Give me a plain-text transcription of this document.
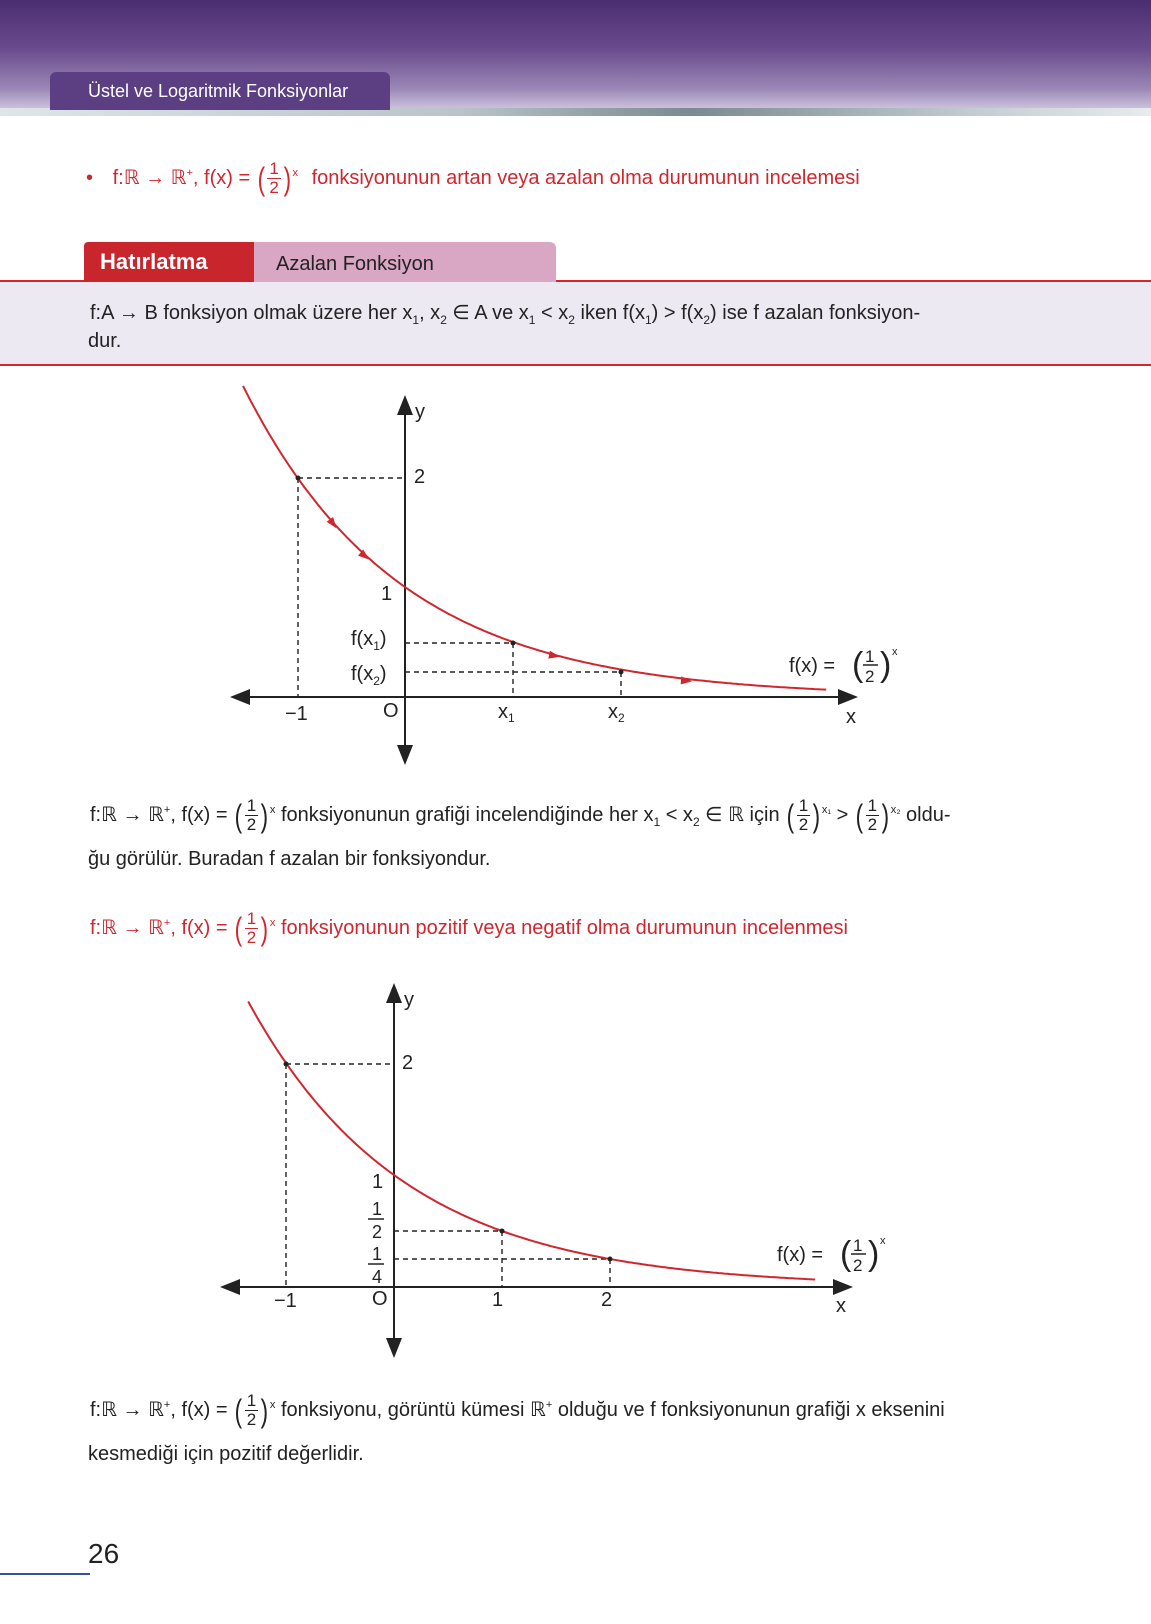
Üstel ve Logaritmik Fonksiyonlar
• f:ℝ → ℝ+, f(x) = ( $\frac{1}{2}$ ) $^x$ fonksiyonunun artan veya azalan olma durumunun incelemesi
Hatırlatma	Azalan Fonksiyon
f:A → B fonksiyon olmak üzere her $x_1$, $x_2$ ∈ A ve $x_1 < x_2$ iken $f(x_1) > f(x_2)$ ise f azalan fonksiyon-
dur.
y
x
2
1
$f(x_1)$
$f(x_2)$
−1	O	$x_1$	$x_2$
f(x) = ( 1
2 ) x
f:ℝ → ℝ+, f(x) = ( $\frac{1}{2}$ ) $^x$ fonksiyonunun grafiği incelendiğinde her $x_1 < x_2$ ∈ ℝ için ( $\frac{1}{2}$ ) $^{x_1}$ > ( $\frac{1}{2}$ ) $^{x_2}$ oldu-
ğu görülür. Buradan f azalan bir fonksiyondur.
f:ℝ → ℝ+, f(x) = ( $\frac{1}{2}$ ) $^x$ fonksiyonunun pozitif veya negatif olma durumunun incelenmesi
y
x
2
1
1
2
1
4
−1	O	1	2
f(x) = ( 1
2 ) x
f:ℝ → ℝ+, f(x) = ( $\frac{1}{2}$ ) $^x$ fonksiyonu, görüntü kümesi ℝ+ olduğu ve f fonksiyonunun grafiği x eksenini
kesmediği için pozitif değerlidir.
26
